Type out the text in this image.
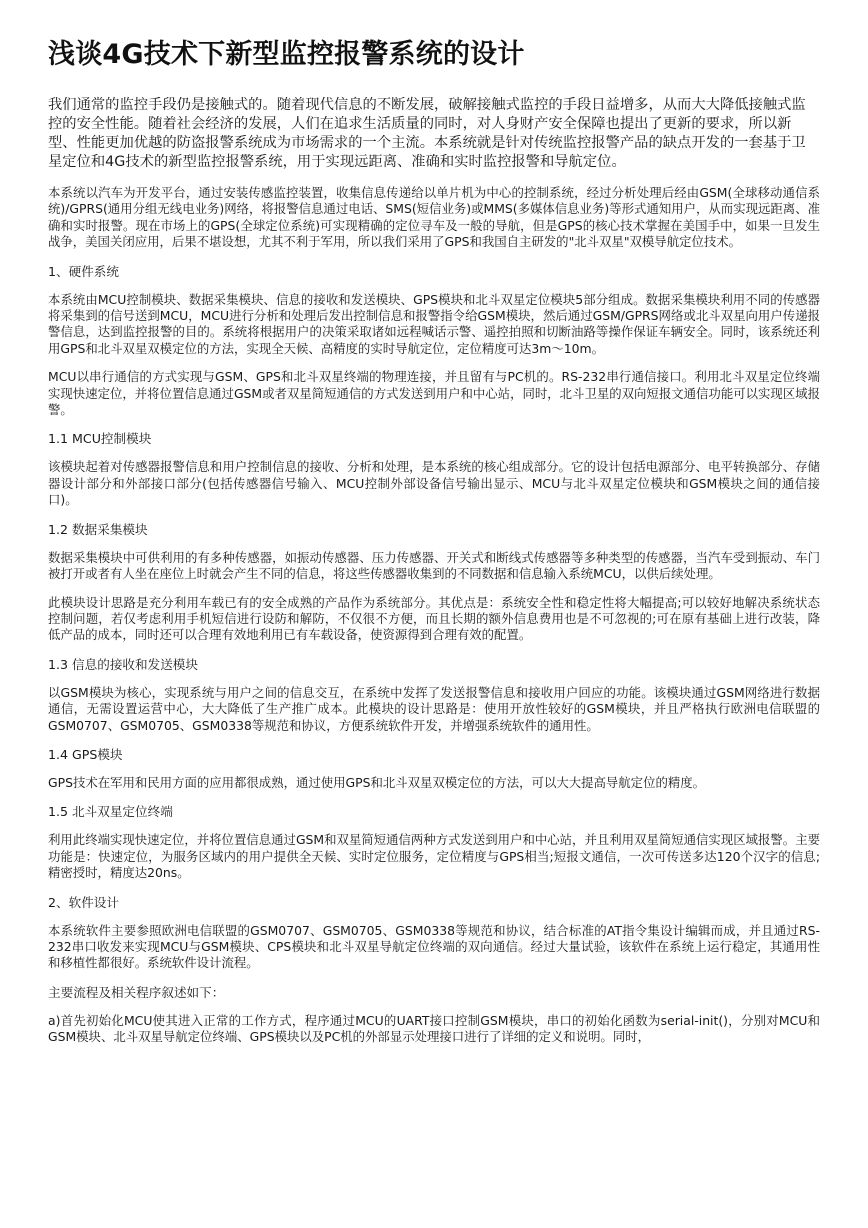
浅谈4G技术下新型监控报警系统的设计

我们通常的监控手段仍是接触式的。随着现代信息的不断发展，破解接触式监控的手段日益增多，从而大大降低接触式监控的安全性能。随着社会经济的发展，人们在追求生活质量的同时，对人身财产安全保障也提出了更新的要求，所以新型、性能更加优越的防盗报警系统成为市场需求的一个主流。本系统就是针对传统监控报警产品的缺点开发的一套基于卫星定位和4G技术的新型监控报警系统，用于实现远距离、准确和实时监控报警和导航定位。

本系统以汽车为开发平台，通过安装传感监控装置，收集信息传递给以单片机为中心的控制系统，经过分析处理后经由GSM(全球移动通信系统)/GPRS(通用分组无线电业务)网络，将报警信息通过电话、SMS(短信业务)或MMS(多媒体信息业务)等形式通知用户，从而实现远距离、准确和实时报警。现在市场上的GPS(全球定位系统)可实现精确的定位寻车及一般的导航，但是GPS的核心技术掌握在美国手中，如果一旦发生战争，美国关闭应用，后果不堪设想，尤其不利于军用，所以我们采用了GPS和我国自主研发的"北斗双星"双模导航定位技术。

1、硬件系统

本系统由MCU控制模块、数据采集模块、信息的接收和发送模块、GPS模块和北斗双星定位模块5部分组成。数据采集模块利用不同的传感器将采集到的信号送到MCU，MCU进行分析和处理后发出控制信息和报警指令给GSM模块，然后通过GSM/GPRS网络或北斗双星向用户传递报警信息，达到监控报警的目的。系统将根据用户的决策采取诸如远程喊话示警、遥控拍照和切断油路等操作保证车辆安全。同时，该系统还利用GPS和北斗双星双模定位的方法，实现全天候、高精度的实时导航定位，定位精度可达3m～10m。

MCU以串行通信的方式实现与GSM、GPS和北斗双星终端的物理连接，并且留有与PC机的。RS-232串行通信接口。利用北斗双星定位终端实现快速定位，并将位置信息通过GSM或者双星简短通信的方式发送到用户和中心站，同时，北斗卫星的双向短报文通信功能可以实现区域报警。

1.1 MCU控制模块

该模块起着对传感器报警信息和用户控制信息的接收、分析和处理，是本系统的核心组成部分。它的设计包括电源部分、电平转换部分、存储器设计部分和外部接口部分(包括传感器信号输入、MCU控制外部设备信号输出显示、MCU与北斗双星定位模块和GSM模块之间的通信接口)。

1.2 数据采集模块

数据采集模块中可供利用的有多种传感器，如振动传感器、压力传感器、开关式和断线式传感器等多种类型的传感器，当汽车受到振动、车门被打开或者有人坐在座位上时就会产生不同的信息，将这些传感器收集到的不同数据和信息输入系统MCU，以供后续处理。

此模块设计思路是充分利用车载已有的安全成熟的产品作为系统部分。其优点是：系统安全性和稳定性将大幅提高;可以较好地解决系统状态控制问题，若仅考虑利用手机短信进行设防和解防，不仅很不方便，而且长期的额外信息费用也是不可忽视的;可在原有基础上进行改装，降低产品的成本，同时还可以合理有效地利用已有车载设备，使资源得到合理有效的配置。

1.3 信息的接收和发送模块

以GSM模块为核心，实现系统与用户之间的信息交互，在系统中发挥了发送报警信息和接收用户回应的功能。该模块通过GSM网络进行数据通信，无需设置运营中心，大大降低了生产推广成本。此模块的设计思路是：使用开放性较好的GSM模块，并且严格执行欧洲电信联盟的GSM0707、GSM0705、GSM0338等规范和协议，方便系统软件开发，并增强系统软件的通用性。

1.4 GPS模块

GPS技术在军用和民用方面的应用都很成熟，通过使用GPS和北斗双星双模定位的方法，可以大大提高导航定位的精度。

1.5 北斗双星定位终端

利用此终端实现快速定位，并将位置信息通过GSM和双星简短通信两种方式发送到用户和中心站，并且利用双星简短通信实现区域报警。主要功能是：快速定位，为服务区域内的用户提供全天候、实时定位服务，定位精度与GPS相当;短报文通信，一次可传送多达120个汉字的信息;精密授时，精度达20ns。

2、软件设计

本系统软件主要参照欧洲电信联盟的GSM0707、GSM0705、GSM0338等规范和协议，结合标准的AT指令集设计编辑而成，并且通过RS-232串口收发来实现MCU与GSM模块、CPS模块和北斗双星导航定位终端的双向通信。经过大量试验，该软件在系统上运行稳定，其通用性和移植性都很好。系统软件设计流程。

主要流程及相关程序叙述如下：

a)首先初始化MCU使其进入正常的工作方式，程序通过MCU的UART接口控制GSM模块，串口的初始化函数为serial-init()，分别对MCU和GSM模块、北斗双星导航定位终端、GPS模块以及PC机的外部显示处理接口进行了详细的定义和说明。同时，
